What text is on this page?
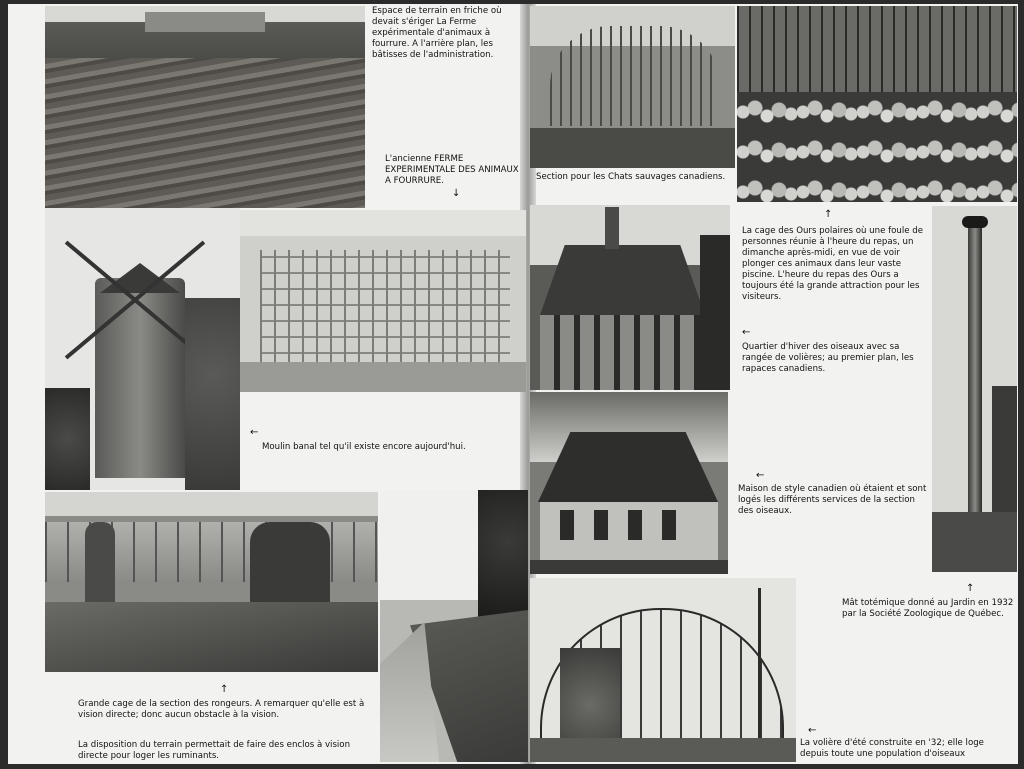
Espace de terrain en friche où devait s'ériger La Ferme expérimentale d'animaux à fourrure. A l'arrière plan, les bâtisses de l'administration.
L'ancienne FERME EXPERIMENTALE DES ANIMAUX A FOURRURE.
↓
Section pour les Chats sauvages canadiens.
↑
La cage des Ours polaires où une foule de personnes réunie à l'heure du repas, un dimanche après-midi, en vue de voir plonger ces animaux dans leur vaste piscine. L'heure du repas des Ours a toujours été la grande attraction pour les visiteurs.
←
Quartier d'hiver des oiseaux avec sa rangée de volières; au premier plan, les rapaces canadiens.
←
Moulin banal tel qu'il existe encore aujourd'hui.
←
Maison de style canadien où étaient et sont logés les différents services de la section des oiseaux.
↑
Mât totémique donné au Jardin en 1932 par la Société Zoologique de Québec.
↑
Grande cage de la section des rongeurs. A remarquer qu'elle est à vision directe; donc aucun obstacle à la vision.
La disposition du terrain permettait de faire des enclos à vision directe pour loger les ruminants.
←
La volière d'été construite en '32; elle loge depuis toute une population d'oiseaux
